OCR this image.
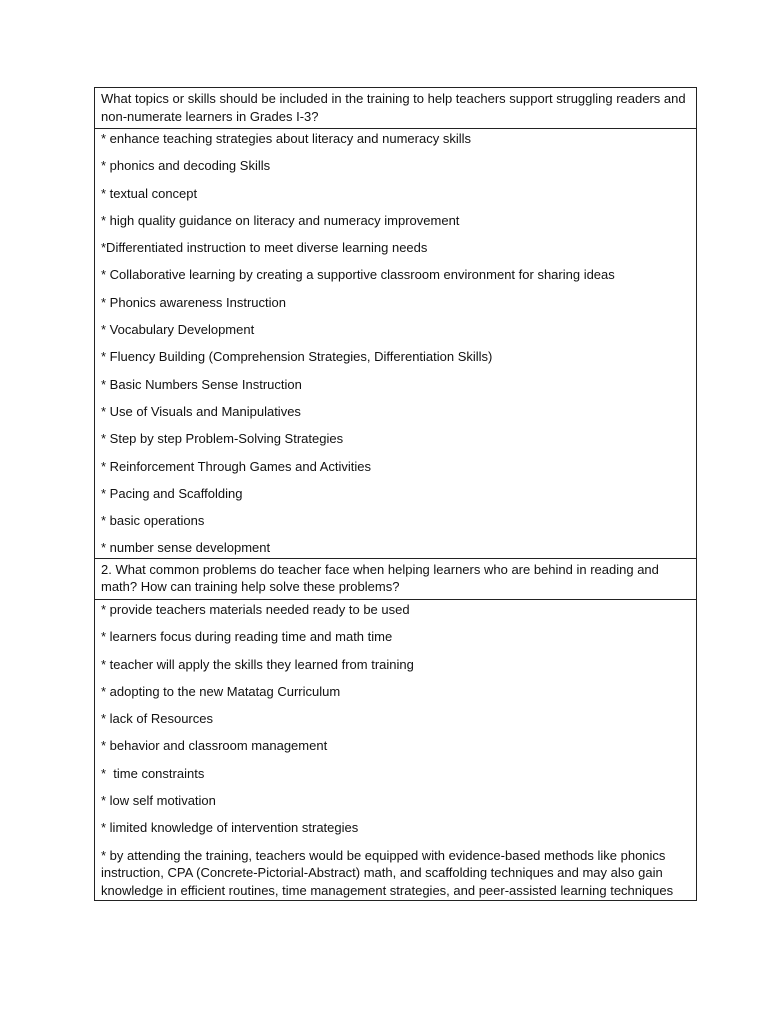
What topics or skills should be included in the training to help teachers support struggling readers and non-numerate learners in Grades I-3?
* enhance teaching strategies about literacy and numeracy skills
* phonics and decoding Skills
* textual concept
* high quality guidance on literacy and numeracy improvement
*Differentiated instruction to meet diverse learning needs
* Collaborative learning by creating a supportive classroom environment for sharing ideas
* Phonics awareness Instruction
* Vocabulary Development
* Fluency Building (Comprehension Strategies, Differentiation Skills)
* Basic Numbers Sense Instruction
* Use of Visuals and Manipulatives
* Step by step Problem-Solving Strategies
* Reinforcement Through Games and Activities
* Pacing and Scaffolding
* basic operations
* number sense development
2. What common problems do teacher face when helping learners who are behind in reading and math? How can training help solve these problems?
* provide teachers materials needed ready to be used
* learners focus during reading time and math time
* teacher will apply the skills they learned from training
* adopting to the new Matatag Curriculum
* lack of Resources
* behavior and classroom management
*  time constraints
* low self motivation
* limited knowledge of intervention strategies
* by attending the training, teachers would be equipped with evidence-based methods like phonics instruction, CPA (Concrete-Pictorial-Abstract) math, and scaffolding techniques and may also gain knowledge in efficient routines, time management strategies, and peer-assisted learning techniques
